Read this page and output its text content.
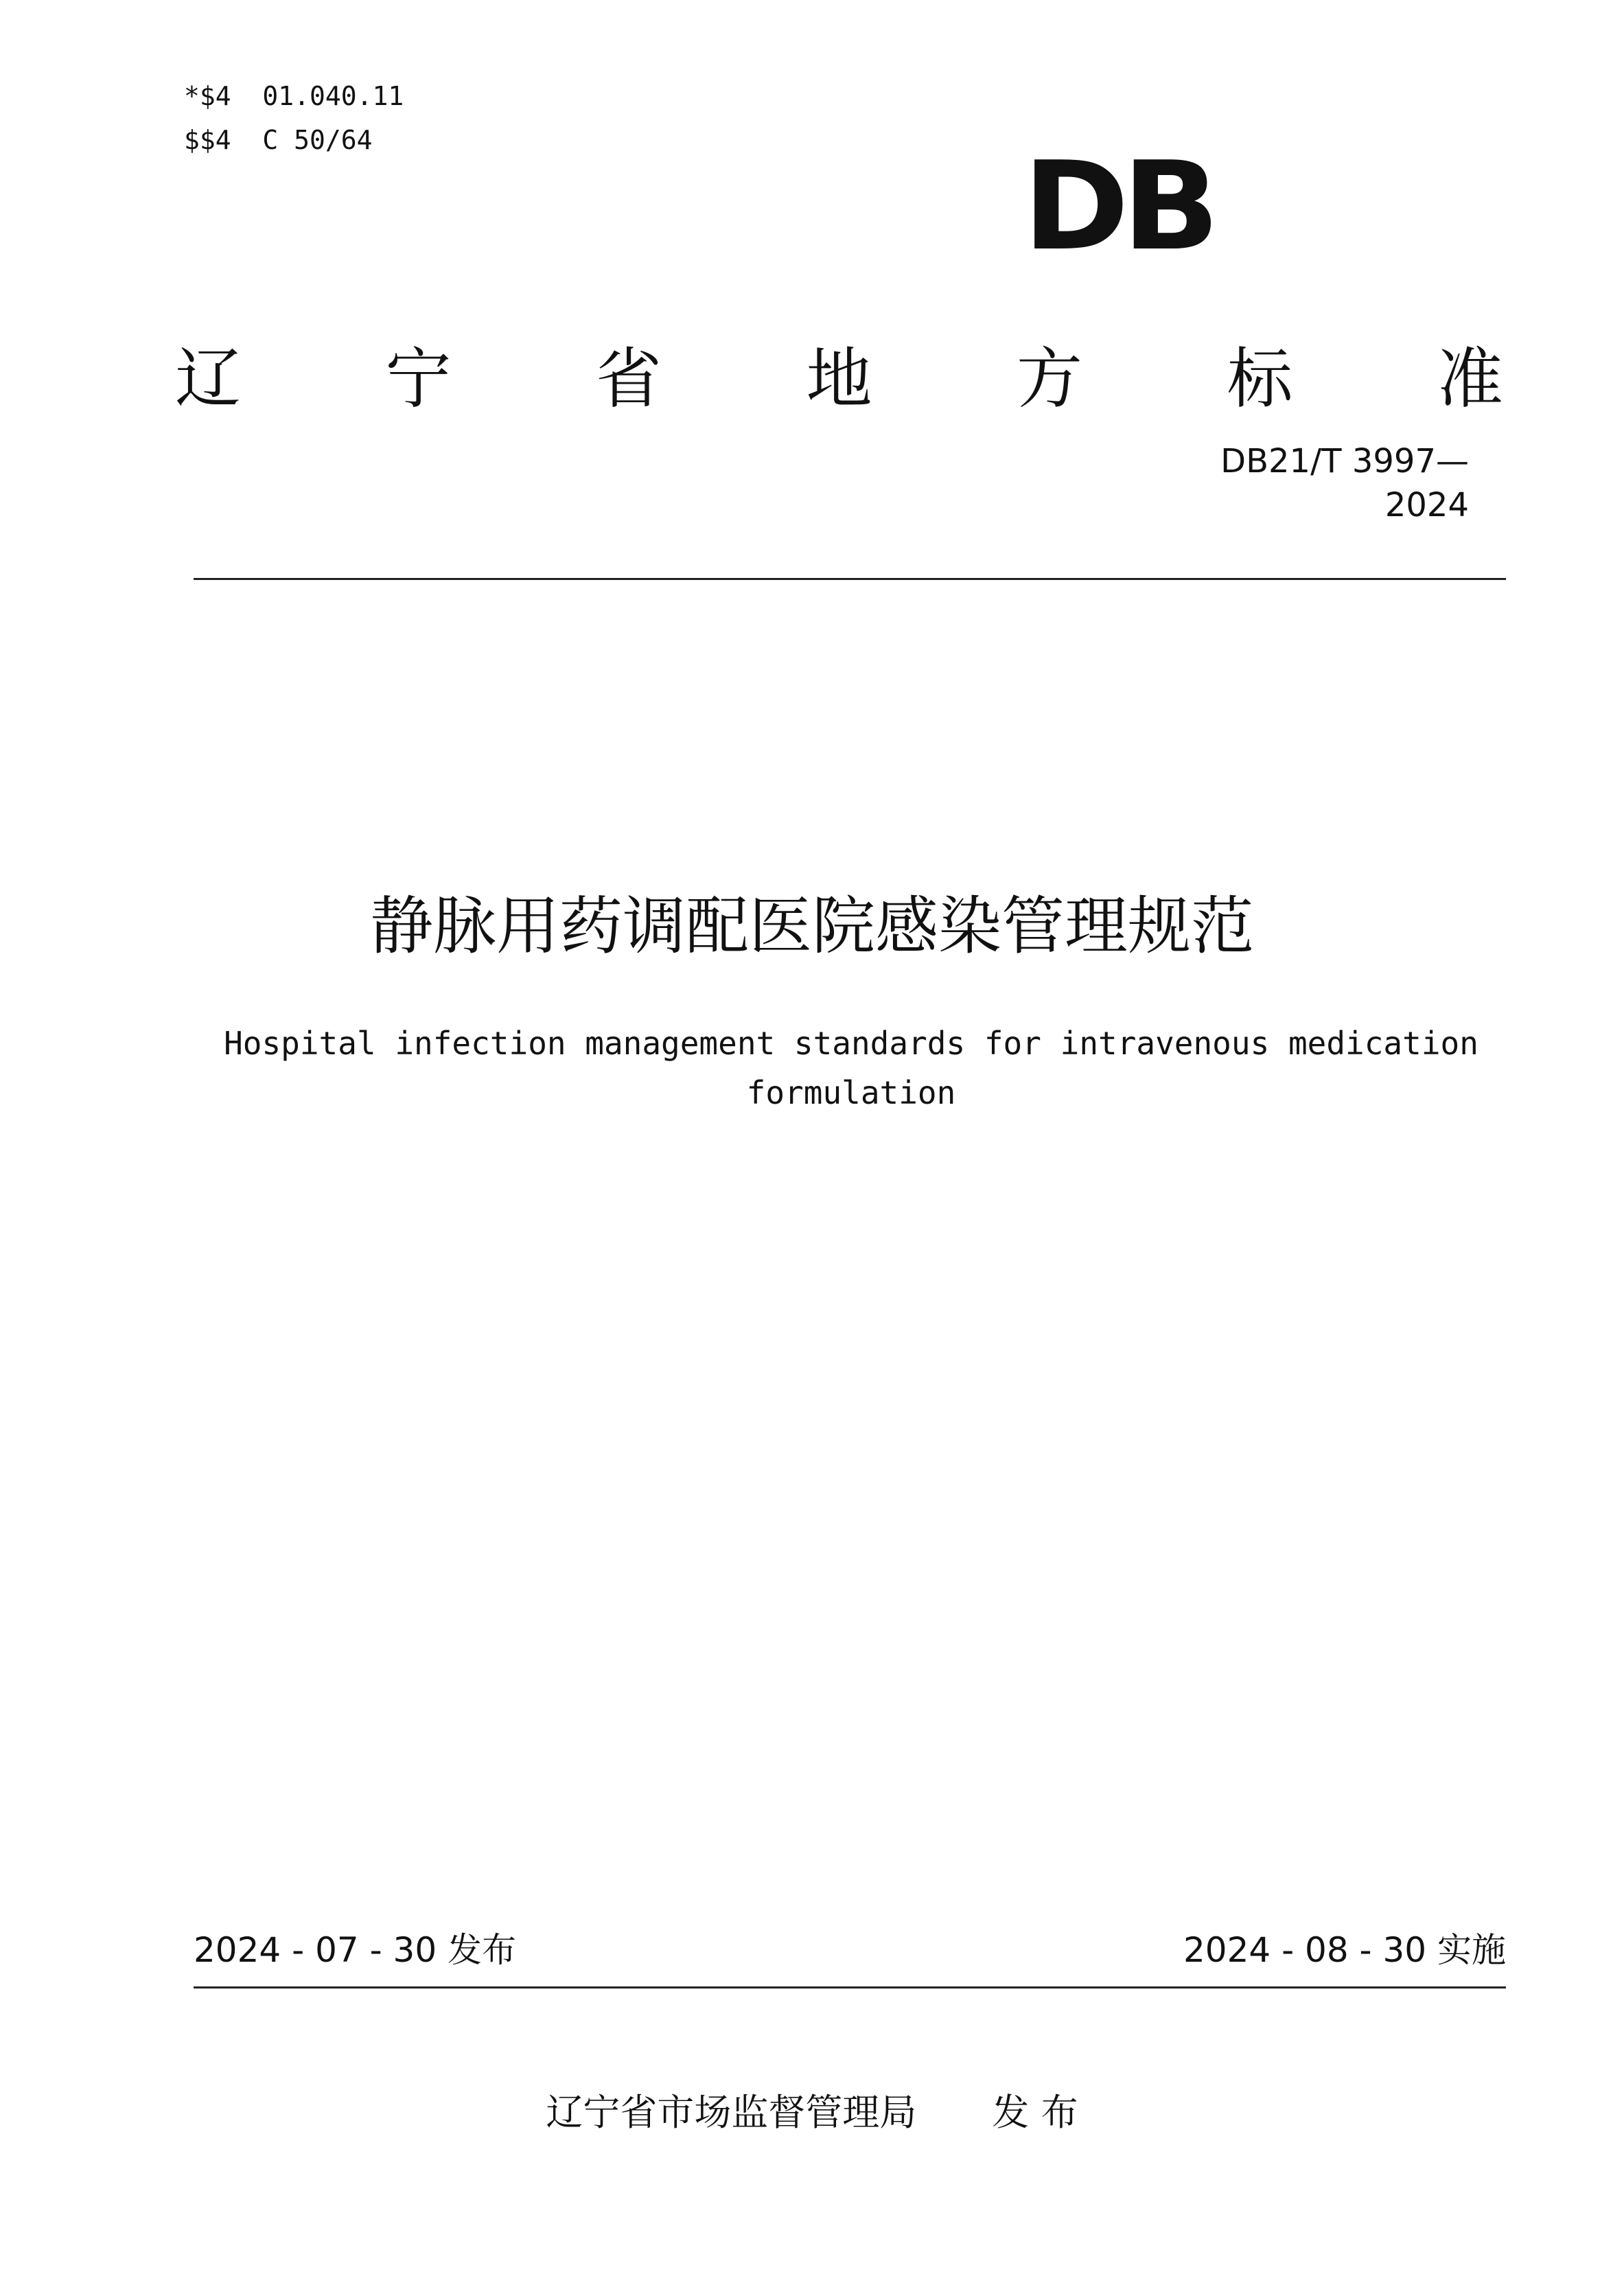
*$4  01.040.11
$$4  C 50/64	DB
辽 宁 省 地 方 标 准
DB21/T 3997—2024
静脉用药调配医院感染管理规范
Hospital infection management standards for intravenous medication formulation
2024 - 07 - 30 发布	2024 - 08 - 30 实施
辽宁省市场监督管理局 发 布
